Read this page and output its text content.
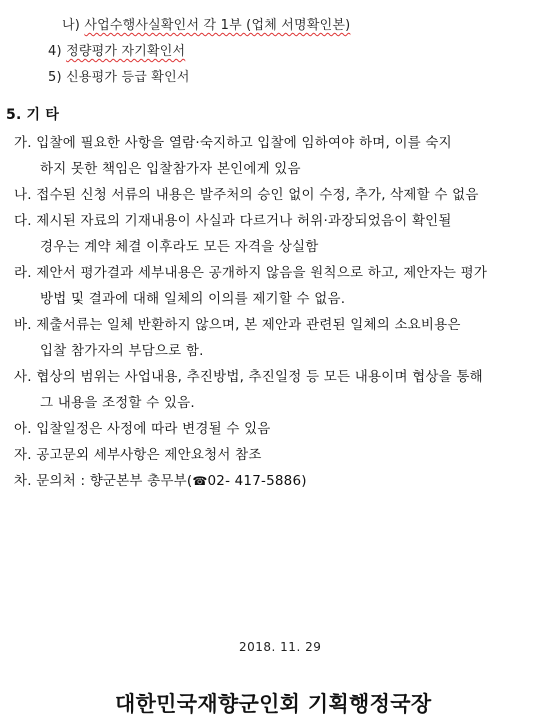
나) 사업수행사실확인서 각 1부 (업체 서명확인본)
4) 정량평가 자기확인서
5) 신용평가 등급 확인서
5. 기 타
가. 입찰에 필요한 사항을 열람·숙지하고 입찰에 임하여야 하며, 이를 숙지
하지 못한 책임은 입찰참가자 본인에게 있음
나. 접수된 신청 서류의 내용은 발주처의 승인 없이 수정, 추가, 삭제할 수 없음
다. 제시된 자료의 기재내용이 사실과 다르거나 허위·과장되었음이 확인될
경우는 계약 체결 이후라도 모든 자격을 상실함
라. 제안서 평가결과 세부내용은 공개하지 않음을 원칙으로 하고, 제안자는 평가
방법 및 결과에 대해 일체의 이의를 제기할 수 없음.
바. 제출서류는 일체 반환하지 않으며, 본 제안과 관련된 일체의 소요비용은
입찰 참가자의 부담으로 함.
사. 협상의 범위는 사업내용, 추진방법, 추진일정 등 모든 내용이며 협상을 통해
그 내용을 조정할 수 있음.
아. 입찰일정은 사정에 따라 변경될 수 있음
자. 공고문외 세부사항은 제안요청서 참조
차. 문의처 : 향군본부 총무부(☎02- 417-5886)
2018. 11. 29
대한민국재향군인회 기획행정국장
